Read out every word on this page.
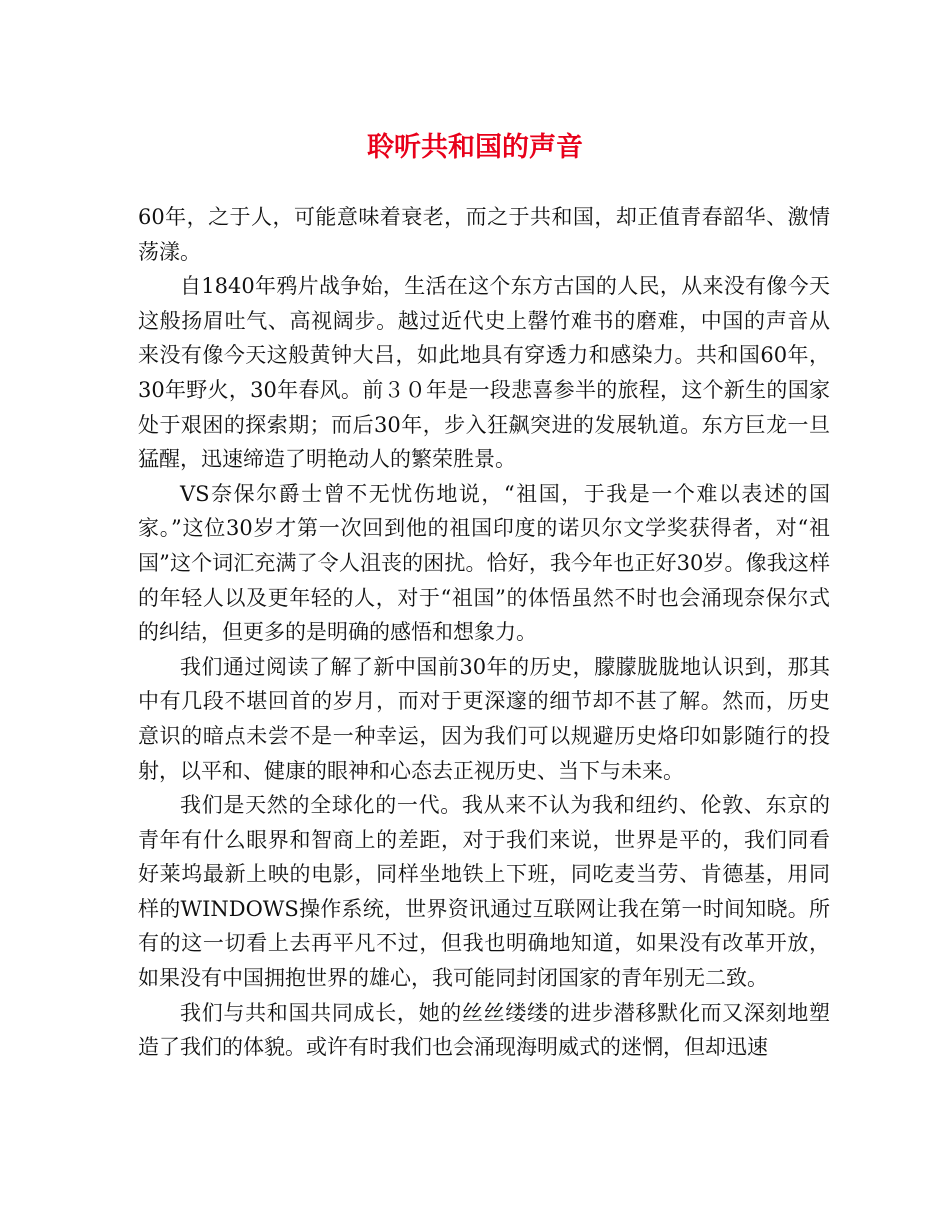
聆听共和国的声音

60年，之于人，可能意味着衰老，而之于共和国，却正值青春韶华、激情荡漾。

自1840年鸦片战争始，生活在这个东方古国的人民，从来没有像今天这般扬眉吐气、高视阔步。越过近代史上罄竹难书的磨难，中国的声音从来没有像今天这般黄钟大吕，如此地具有穿透力和感染力。共和国60年，30年野火，30年春风。前３０年是一段悲喜参半的旅程，这个新生的国家处于艰困的探索期；而后30年，步入狂飙突进的发展轨道。东方巨龙一旦猛醒，迅速缔造了明艳动人的繁荣胜景。

VS奈保尔爵士曾不无忧伤地说，“祖国，于我是一个难以表述的国家。”这位30岁才第一次回到他的祖国印度的诺贝尔文学奖获得者，对“祖国”这个词汇充满了令人沮丧的困扰。恰好，我今年也正好30岁。像我这样的年轻人以及更年轻的人，对于“祖国”的体悟虽然不时也会涌现奈保尔式的纠结，但更多的是明确的感悟和想象力。

我们通过阅读了解了新中国前30年的历史，朦朦胧胧地认识到，那其中有几段不堪回首的岁月，而对于更深邃的细节却不甚了解。然而，历史意识的暗点未尝不是一种幸运，因为我们可以规避历史烙印如影随行的投射，以平和、健康的眼神和心态去正视历史、当下与未来。

我们是天然的全球化的一代。我从来不认为我和纽约、伦敦、东京的青年有什么眼界和智商上的差距，对于我们来说，世界是平的，我们同看好莱坞最新上映的电影，同样坐地铁上下班，同吃麦当劳、肯德基，用同样的WINDOWS操作系统，世界资讯通过互联网让我在第一时间知晓。所有的这一切看上去再平凡不过，但我也明确地知道，如果没有改革开放，如果没有中国拥抱世界的雄心，我可能同封闭国家的青年别无二致。

我们与共和国共同成长，她的丝丝缕缕的进步潜移默化而又深刻地塑造了我们的体貌。或许有时我们也会涌现海明威式的迷惘，但却迅速
